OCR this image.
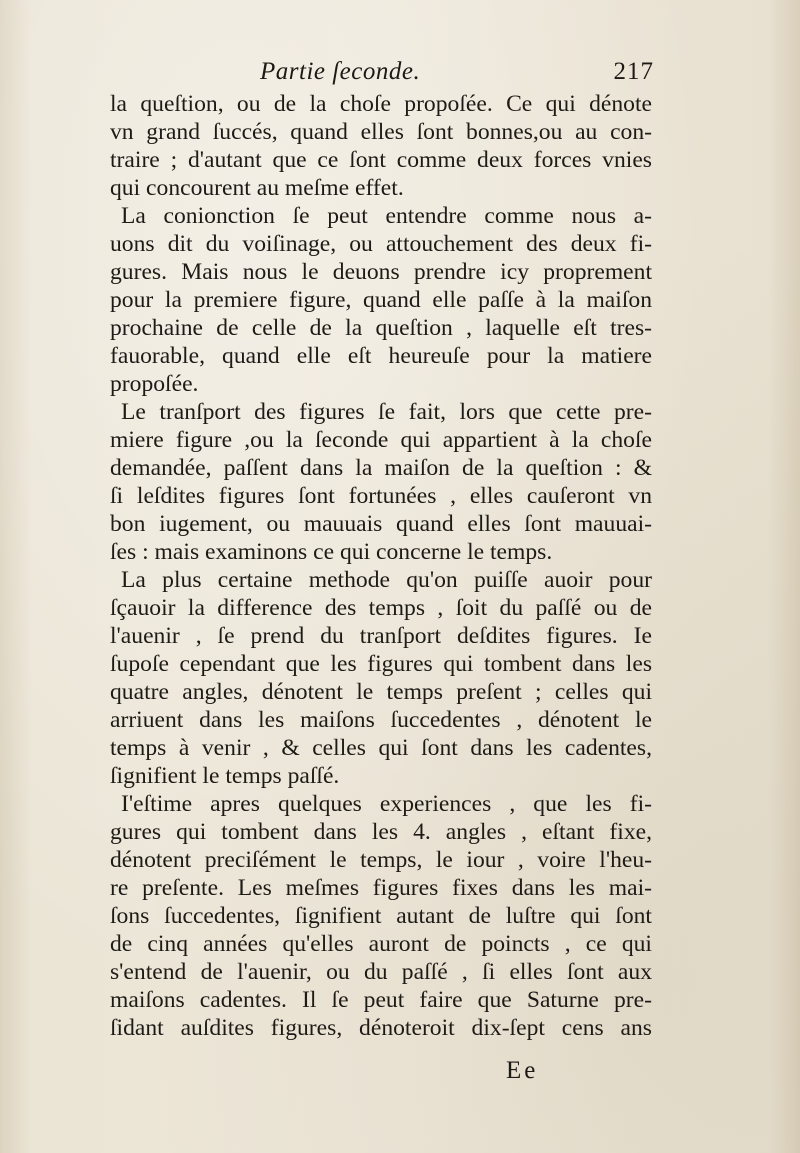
Partie ſeconde.	217
la queſtion, ou de la choſe propoſée. Ce qui dénote
vn grand ſuccés, quand elles ſont bonnes,ou au con-
traire ; d'autant que ce ſont comme deux forces vnies
qui concourent au meſme effet.
La conionction ſe peut entendre comme nous a-
uons dit du voiſinage, ou attouchement des deux fi-
gures. Mais nous le deuons prendre icy proprement
pour la premiere figure, quand elle paſſe à la maiſon
prochaine de celle de la queſtion , laquelle eſt tres-
fauorable, quand elle eſt heureuſe pour la matiere
propoſée.
Le tranſport des figures ſe fait, lors que cette pre-
miere figure ,ou la ſeconde qui appartient à la choſe
demandée, paſſent dans la maiſon de la queſtion : &
ſi leſdites figures ſont fortunées , elles cauſeront vn
bon iugement, ou mauuais quand elles ſont mauuai-
ſes : mais examinons ce qui concerne le temps.
La plus certaine methode qu'on puiſſe auoir pour
ſçauoir la difference des temps , ſoit du paſſé ou de
l'auenir , ſe prend du tranſport deſdites figures. Ie
ſupoſe cependant que les figures qui tombent dans les
quatre angles, dénotent le temps preſent ; celles qui
arriuent dans les maiſons ſuccedentes , dénotent le
temps à venir , & celles qui ſont dans les cadentes,
ſignifient le temps paſſé.
I'eſtime apres quelques experiences , que les fi-
gures qui tombent dans les 4. angles , eſtant fixe,
dénotent preciſément le temps, le iour , voire l'heu-
re preſente. Les meſmes figures fixes dans les mai-
ſons ſuccedentes, ſignifient autant de luſtre qui ſont
de cinq années qu'elles auront de poincts , ce qui
s'entend de l'auenir, ou du paſſé , ſi elles ſont aux
maiſons cadentes. Il ſe peut faire que Saturne pre-
ſidant auſdites figures, dénoteroit dix-ſept cens ans
Ee
